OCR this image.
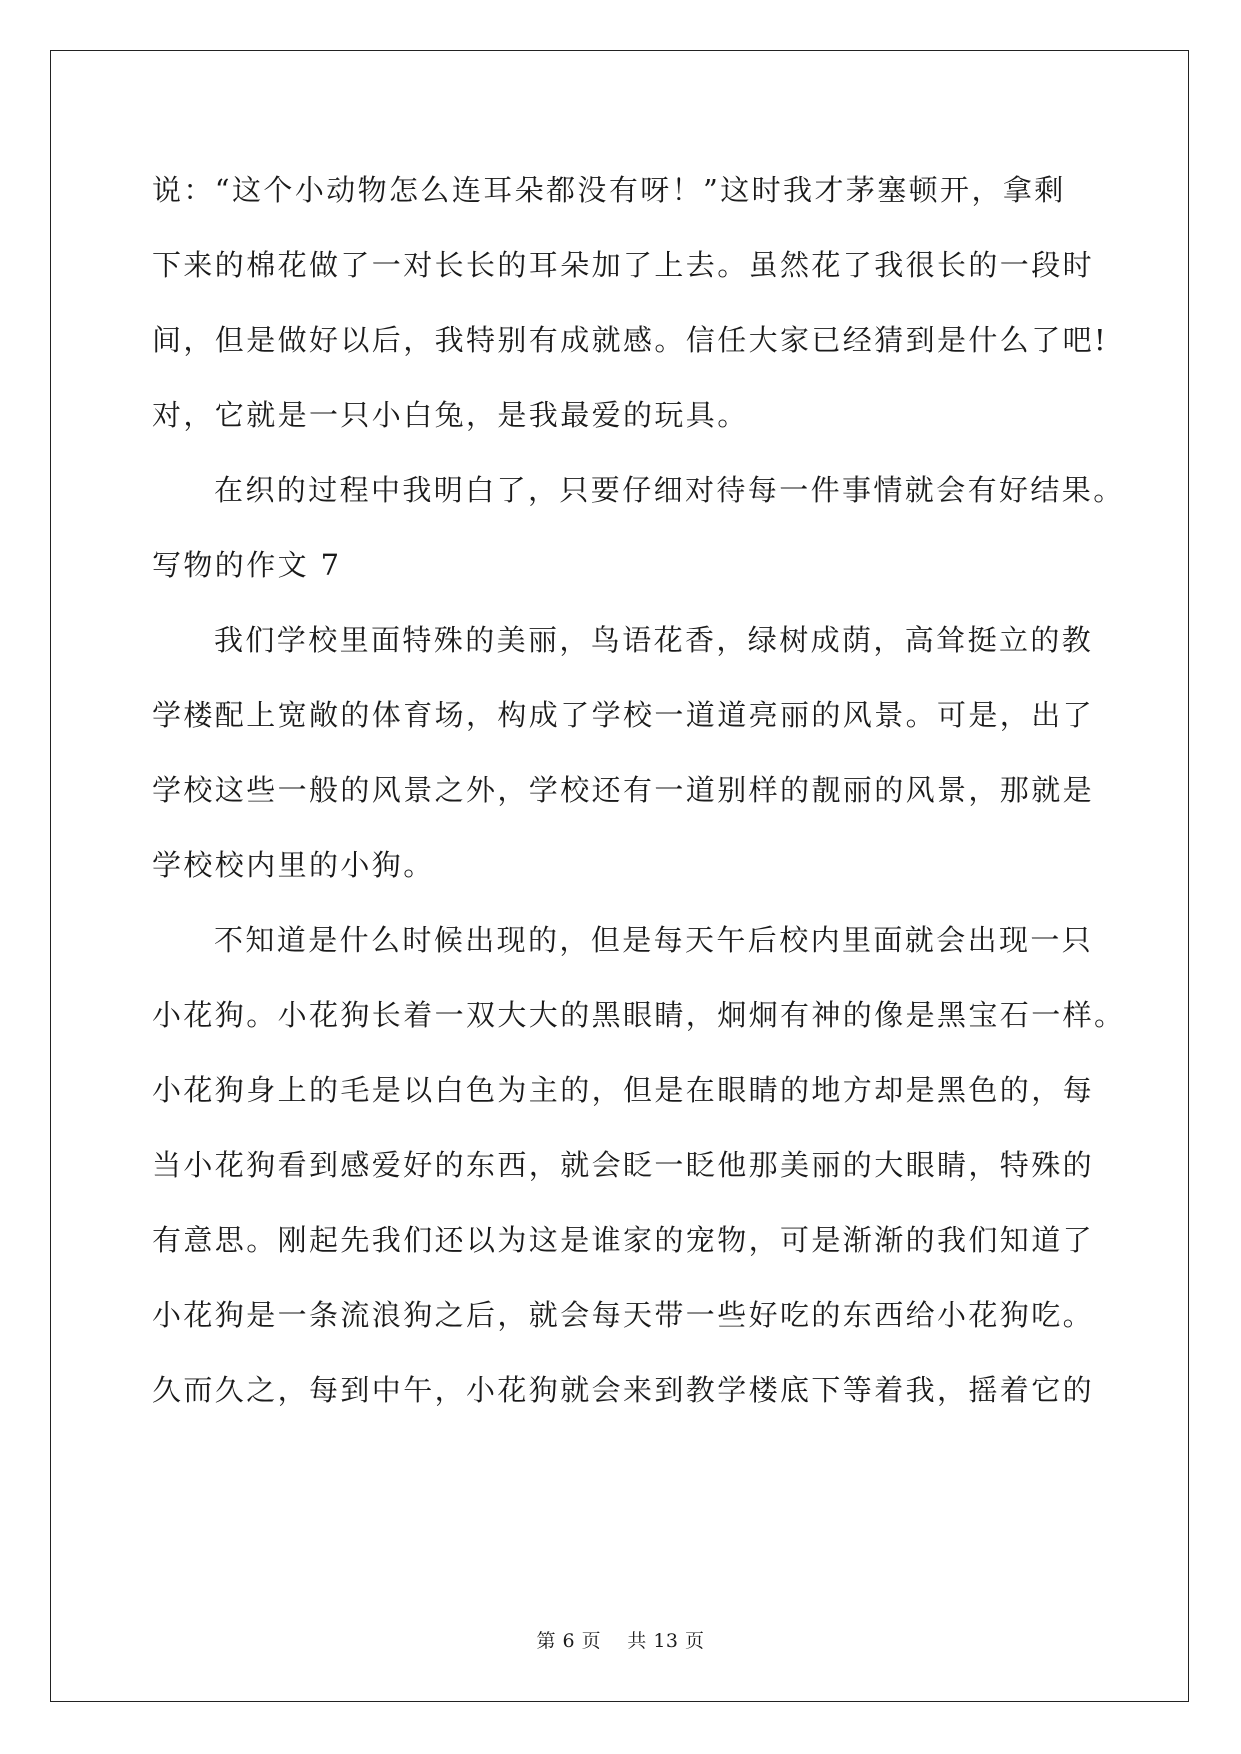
说：“这个小动物怎么连耳朵都没有呀！”这时我才茅塞顿开，拿剩
下来的棉花做了一对长长的耳朵加了上去。虽然花了我很长的一段时
间，但是做好以后，我特别有成就感。信任大家已经猜到是什么了吧!
对，它就是一只小白兔，是我最爱的玩具。
在织的过程中我明白了，只要仔细对待每一件事情就会有好结果。
写物的作文 7
我们学校里面特殊的美丽，鸟语花香，绿树成荫，高耸挺立的教
学楼配上宽敞的体育场，构成了学校一道道亮丽的风景。可是，出了
学校这些一般的风景之外，学校还有一道别样的靓丽的风景，那就是
学校校内里的小狗。
不知道是什么时候出现的，但是每天午后校内里面就会出现一只
小花狗。小花狗长着一双大大的黑眼睛，炯炯有神的像是黑宝石一样。
小花狗身上的毛是以白色为主的，但是在眼睛的地方却是黑色的，每
当小花狗看到感爱好的东西，就会眨一眨他那美丽的大眼睛，特殊的
有意思。刚起先我们还以为这是谁家的宠物，可是渐渐的我们知道了
小花狗是一条流浪狗之后，就会每天带一些好吃的东西给小花狗吃。
久而久之，每到中午，小花狗就会来到教学楼底下等着我，摇着它的
第 6 页 共 13 页
